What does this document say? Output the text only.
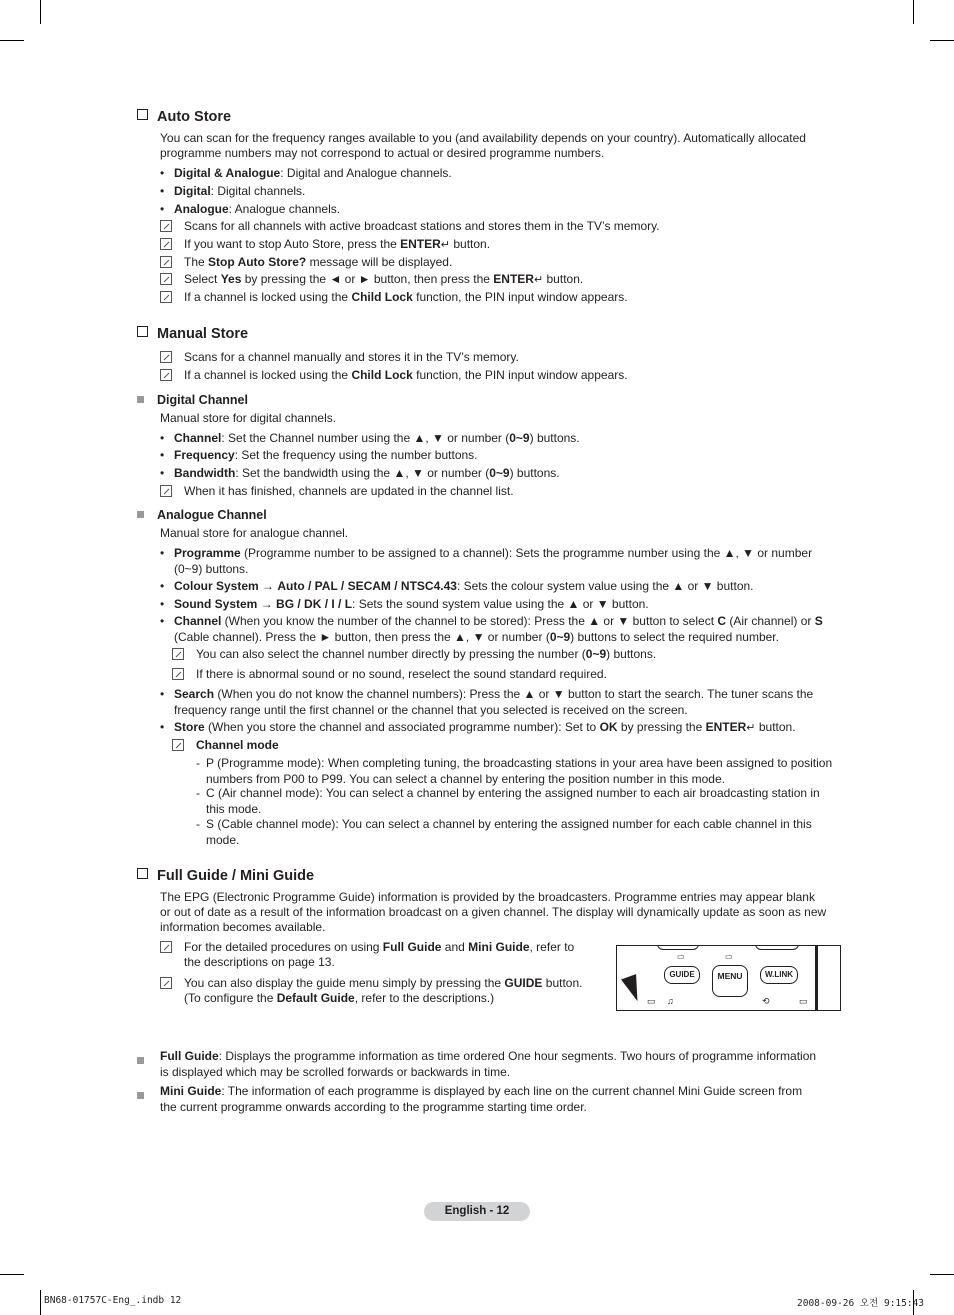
Auto Store
You can scan for the frequency ranges available to you (and availability depends on your country). Automatically allocated
programme numbers may not correspond to actual or desired programme numbers.
• Digital & Analogue: Digital and Analogue channels.
• Digital: Digital channels.
• Analogue: Analogue channels.
Scans for all channels with active broadcast stations and stores them in the TV’s memory.
If you want to stop Auto Store, press the ENTER↵ button.
The Stop Auto Store? message will be displayed.
Select Yes by pressing the ◄ or ► button, then press the ENTER↵ button.
If a channel is locked using the Child Lock function, the PIN input window appears.
Manual Store
Scans for a channel manually and stores it in the TV’s memory.
If a channel is locked using the Child Lock function, the PIN input window appears.
Digital Channel
Manual store for digital channels.
• Channel: Set the Channel number using the ▲, ▼ or number (0~9) buttons.
• Frequency: Set the frequency using the number buttons.
• Bandwidth: Set the bandwidth using the ▲, ▼ or number (0~9) buttons.
When it has finished, channels are updated in the channel list.
Analogue Channel
Manual store for analogue channel.
• Programme (Programme number to be assigned to a channel): Sets the programme number using the ▲, ▼ or number
(0~9) buttons.
• Colour System → Auto / PAL / SECAM / NTSC4.43: Sets the colour system value using the ▲ or ▼ button.
• Sound System → BG / DK / I / L: Sets the sound system value using the ▲ or ▼ button.
• Channel (When you know the number of the channel to be stored): Press the ▲ or ▼ button to select C (Air channel) or S
(Cable channel). Press the ► button, then press the ▲, ▼ or number (0~9) buttons to select the required number.
You can also select the channel number directly by pressing the number (0~9) buttons.
If there is abnormal sound or no sound, reselect the sound standard required.
• Search (When you do not know the channel numbers): Press the ▲ or ▼ button to start the search. The tuner scans the
frequency range until the first channel or the channel that you selected is received on the screen.
• Store (When you store the channel and associated programme number): Set to OK by pressing the ENTER↵ button.
Channel mode
- P (Programme mode): When completing tuning, the broadcasting stations in your area have been assigned to position
numbers from P00 to P99. You can select a channel by entering the position number in this mode.
- C (Air channel mode): You can select a channel by entering the assigned number to each air broadcasting station in
this mode.
- S (Cable channel mode): You can select a channel by entering the assigned number for each cable channel in this
mode.
Full Guide / Mini Guide
The EPG (Electronic Programme Guide) information is provided by the broadcasters. Programme entries may appear blank
or out of date as a result of the information broadcast on a given channel. The display will dynamically update as soon as new
information becomes available.
For the detailed procedures on using Full Guide and Mini Guide, refer to
the descriptions on page 13.
You can also display the guide menu simply by pressing the GUIDE button.
(To configure the Default Guide, refer to the descriptions.)
GUIDE	MENU	W.LINK
▭	▭
▭ ♫	⟲	▭
Full Guide: Displays the programme information as time ordered One hour segments. Two hours of programme information
is displayed which may be scrolled forwards or backwards in time.
Mini Guide: The information of each programme is displayed by each line on the current channel Mini Guide screen from
the current programme onwards according to the programme starting time order.
English - 12
BN68-01757C-Eng_.indb 12	2008-09-26 오전 9:15:43
